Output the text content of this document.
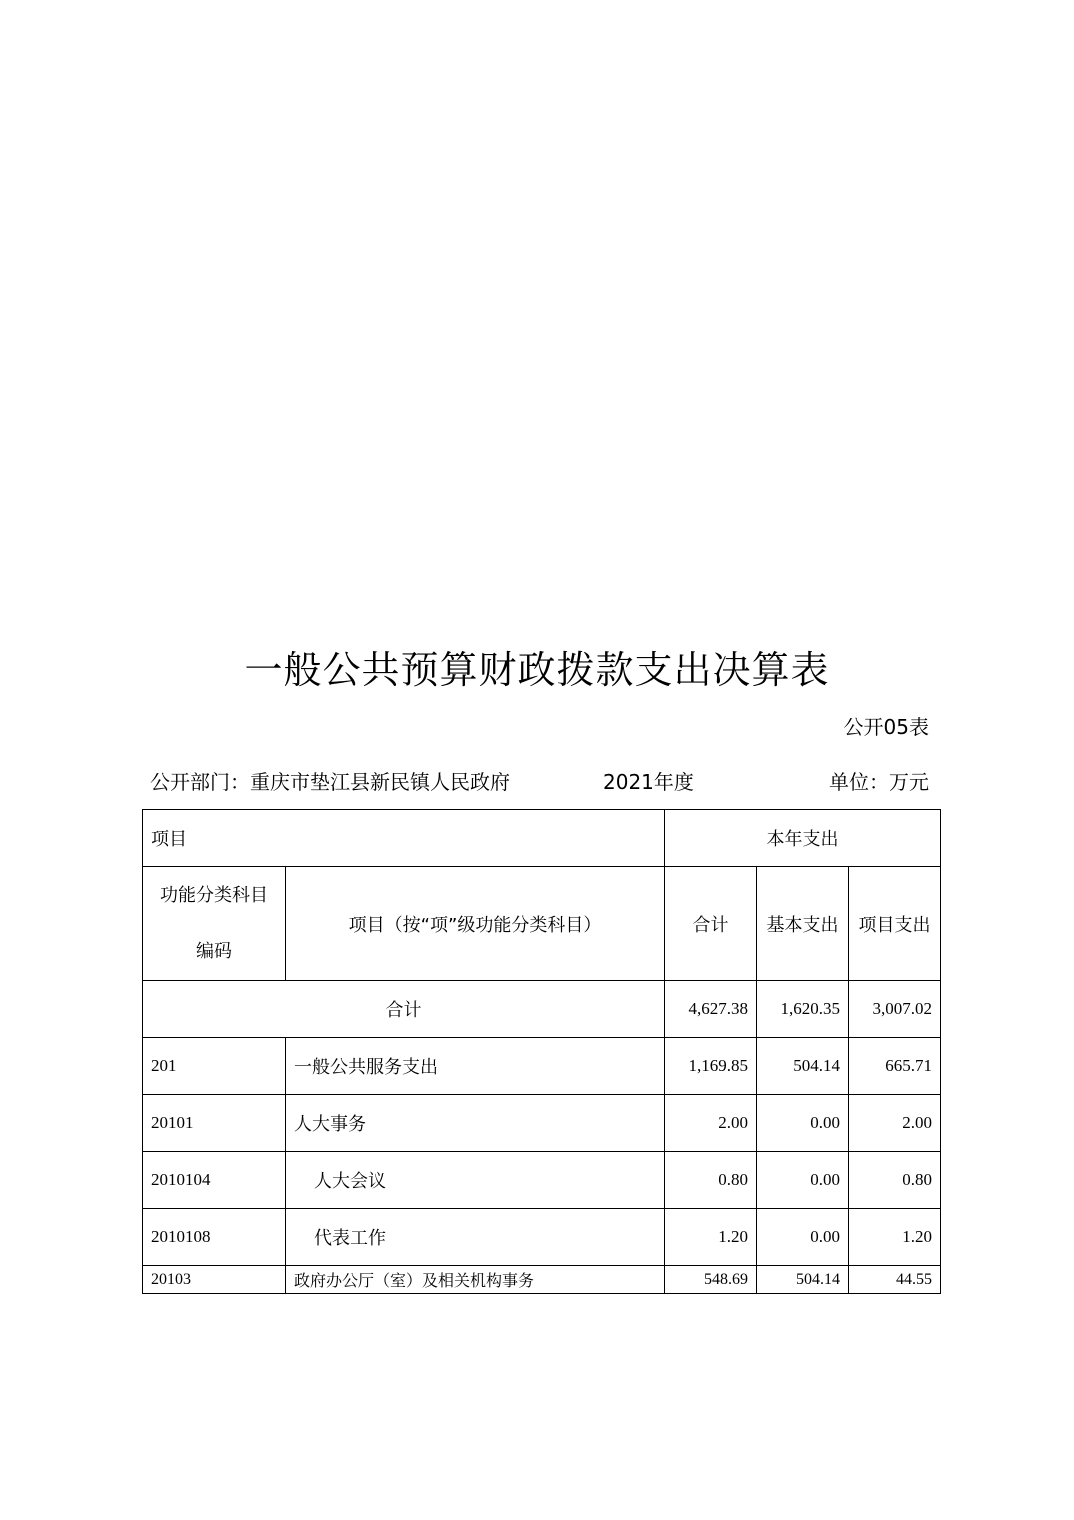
一般公共预算财政拨款支出决算表
公开05表
公开部门：重庆市垫江县新民镇人民政府	2021年度	单位：万元
项目		本年支出		

功能分类科目
编码	项目（按“项”级功能分类科目）	合计	基本支出	项目支出
合计		4,627.38	1,620.35	3,007.02
201	一般公共服务支出	1,169.85	504.14	665.71
20101	人大事务	2.00	0.00	2.00
2010104	人大会议	0.80	0.00	0.80
2010108	代表工作	1.20	0.00	1.20
20103	政府办公厅（室）及相关机构事务	548.69	504.14	44.55
